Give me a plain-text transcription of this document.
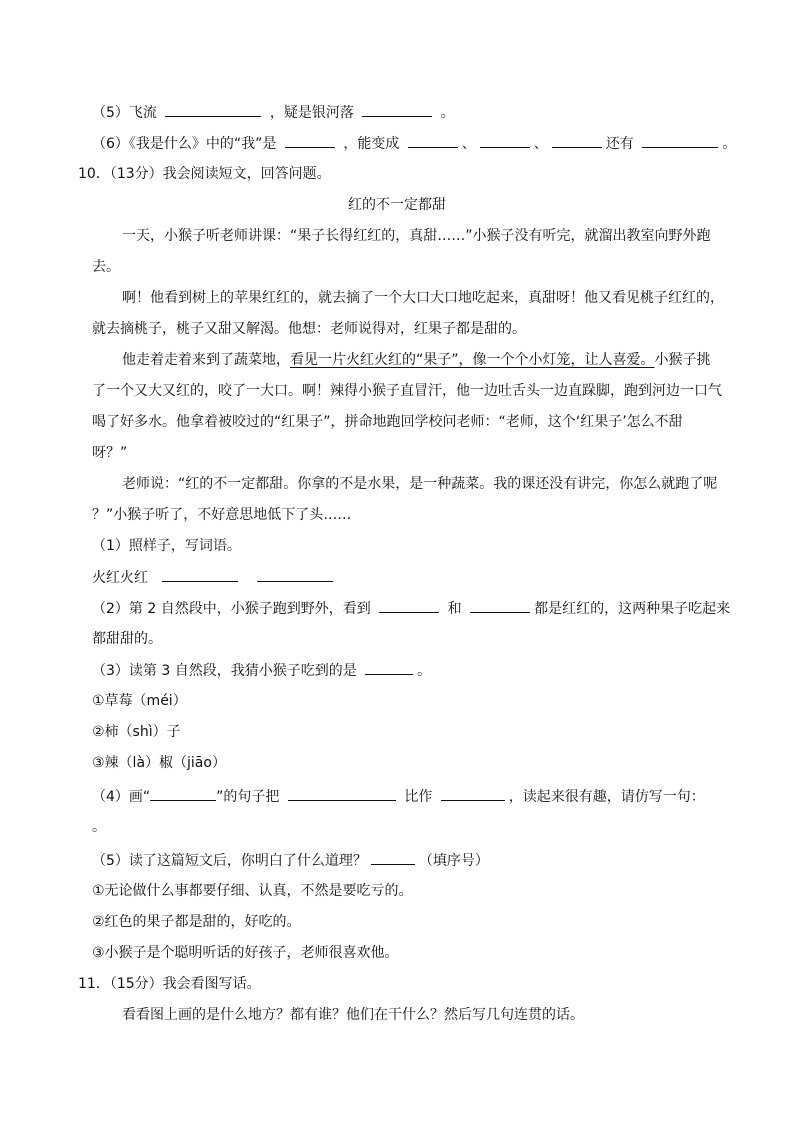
（5）飞流	，疑是银河落	。
（6）《我是什么》中的“我”是	，能变成	、	、	还有	。
10．（13分）我会阅读短文，回答问题。
红的不一定都甜
一天，小猴子听老师讲课：“果子长得红红的，真甜……”小猴子没有听完，就溜出教室向野外跑
去。
啊！他看到树上的苹果红红的，就去摘了一个大口大口地吃起来，真甜呀！他又看见桃子红红的，
就去摘桃子，桃子又甜又解渴。他想：老师说得对，红果子都是甜的。
他走着走着来到了蔬菜地，看见一片火红火红的“果子”，像一个个小灯笼，让人喜爱。小猴子挑
了一个又大又红的，咬了一大口。啊！辣得小猴子直冒汗，他一边吐舌头一边直跺脚，跑到河边一口气
喝了好多水。他拿着被咬过的“红果子”，拼命地跑回学校问老师：“老师，这个‘红果子’怎么不甜
呀？”
老师说：“红的不一定都甜。你拿的不是水果，是一种蔬菜。我的课还没有讲完，你怎么就跑了呢
？”小猴子听了，不好意思地低下了头……
（1）照样子，写词语。
火红火红
（2）第 2 自然段中，小猴子跑到野外，看到	和	都是红红的，这两种果子吃起来
都甜甜的。
（3）读第 3 自然段，我猜小猴子吃到的是	。
①草莓（méi）
②柿（shì）子
③辣（là）椒（jiāo）
（4）画“	”的句子把	比作	，读起来很有趣，请仿写一句：
。
（5）读了这篇短文后，你明白了什么道理？	（填序号）
①无论做什么事都要仔细、认真，不然是要吃亏的。
②红色的果子都是甜的，好吃的。
③小猴子是个聪明听话的好孩子，老师很喜欢他。
11．（15分）我会看图写话。
看看图上画的是什么地方？都有谁？他们在干什么？然后写几句连贯的话。
